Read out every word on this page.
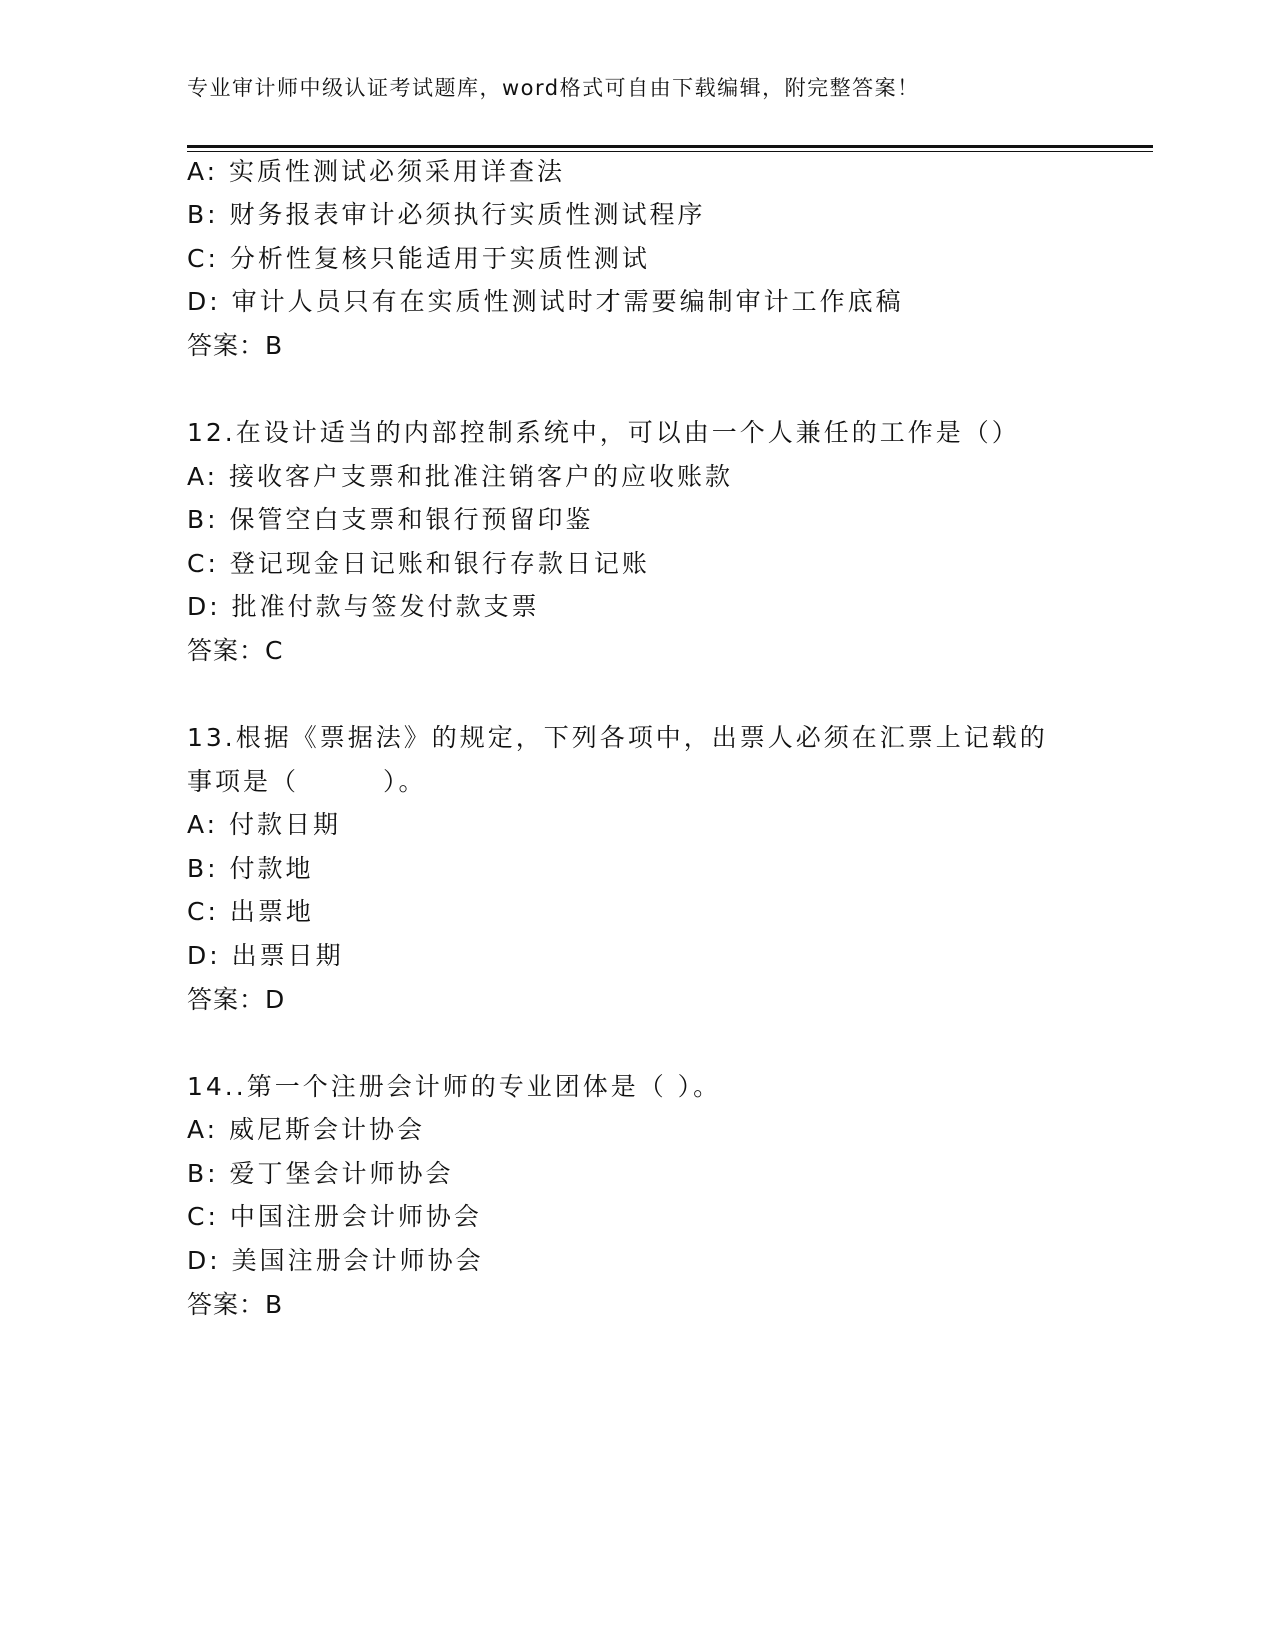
专业审计师中级认证考试题库，word格式可自由下载编辑，附完整答案！
A: 实质性测试必须采用详查法
B: 财务报表审计必须执行实质性测试程序
C: 分析性复核只能适用于实质性测试
D: 审计人员只有在实质性测试时才需要编制审计工作底稿
答案：B
12.在设计适当的内部控制系统中，可以由一个人兼任的工作是（）
A: 接收客户支票和批准注销客户的应收账款
B: 保管空白支票和银行预留印鉴
C: 登记现金日记账和银行存款日记账
D: 批准付款与签发付款支票
答案：C
13.根据《票据法》的规定，下列各项中，出票人必须在汇票上记载的
事项是（　　　）。
A: 付款日期
B: 付款地
C: 出票地
D: 出票日期
答案：D
14..第一个注册会计师的专业团体是（ ）。
A: 威尼斯会计协会
B: 爱丁堡会计师协会
C: 中国注册会计师协会
D: 美国注册会计师协会
答案：B
